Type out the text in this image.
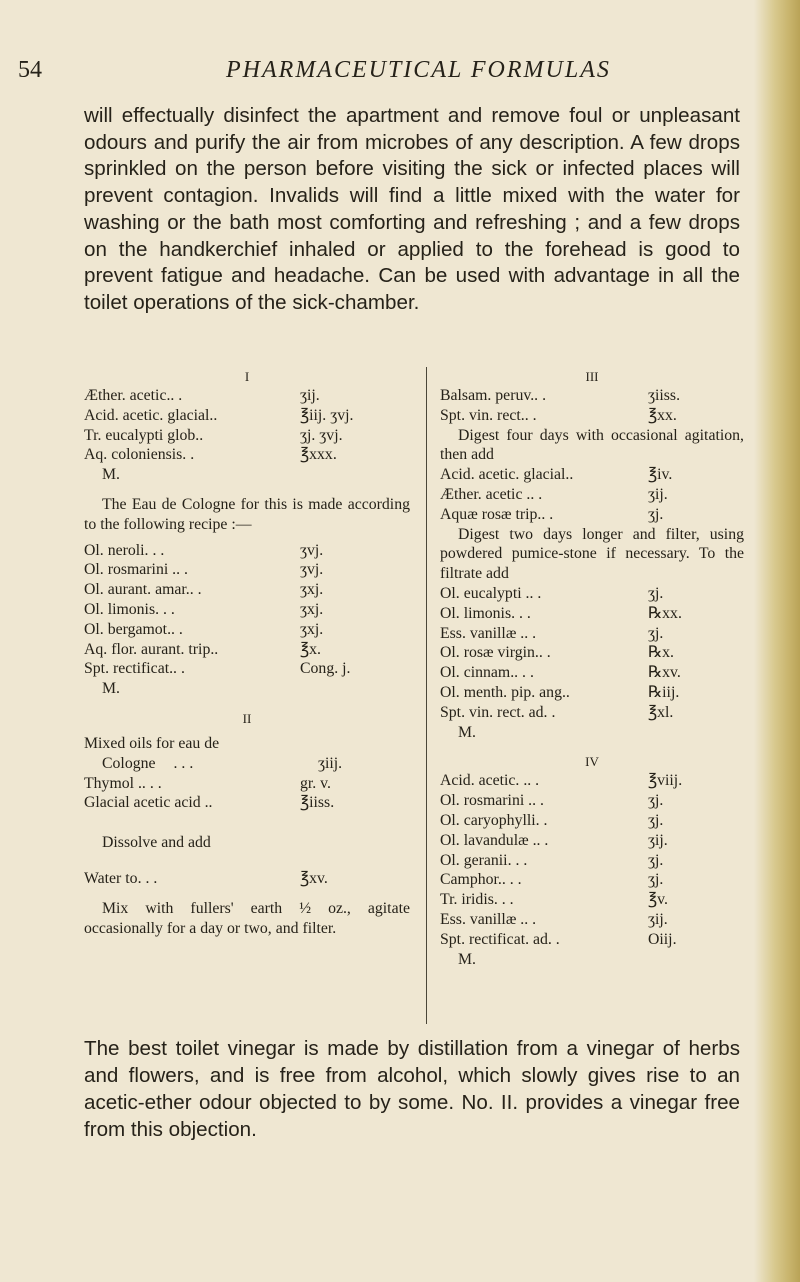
54	PHARMACEUTICAL FORMULAS

will effectually disinfect the apartment and remove foul or unpleasant odours and purify the air from microbes of any description. A few drops sprinkled on the person before visiting the sick or infected places will prevent contagion. Invalids will find a little mixed with the water for washing or the bath most comforting and refreshing ; and a few drops on the handkerchief inhaled or applied to the forehead is good to prevent fatigue and headache. Can be used with advantage in all the toilet operations of the sick-chamber.

I
Æther. acetic. . .	ʒij.
Acid. acetic. glacial. .	℥iij. ʒvj.
Tr. eucalypti glob. .	ʒj. ʒvj.
Aq. coloniensis . .	℥xxx.
M.

The Eau de Cologne for this is made according to the following recipe :—

Ol. neroli . . .	ʒvj.
Ol. rosmarini . . .	ʒvj.
Ol. aurant. amar. . .	ʒxj.
Ol. limonis . . .	ʒxj.
Ol. bergamot. . .	ʒxj.
Aq. flor. aurant. trip. .	℥x.
Spt. rectificat. . .	Cong. j.
M.
II
Mixed oils for eau de
Cologne	. . .	ʒiij.
Thymol . . . .	gr. v.
Glacial acetic acid . .	℥iiss.
Dissolve and add
Water to . . .	℥xv.

Mix with fullers' earth ½ oz., agitate occasionally for a day or two, and filter.

III
Balsam. peruv. . .	ʒiiss.
Spt. vin. rect. . .	℥xx.

Digest four days with occasional agitation, then add

Acid. acetic. glacial. .	℥iv.
Æther. acetic . . .	ʒij.
Aquæ rosæ trip. . .	ʒj.

Digest two days longer and filter, using powdered pumice-stone if necessary. To the filtrate add

Ol. eucalypti . . .	ʒj.
Ol. limonis . . .	℞xx.
Ess. vanillæ . . .	ʒj.
Ol. rosæ virgin. . .	℞x.
Ol. cinnam. . . .	℞xv.
Ol. menth. pip. ang. .	℞iij.
Spt. vin. rect. ad . .	℥xl.
M.
IV
Acid. acetic. . . .	℥viij.
Ol. rosmarini . . .	ʒj.
Ol. caryophylli . .	ʒj.
Ol. lavandulæ . . .	ʒij.
Ol. geranii . . .	ʒj.
Camphor. . . .	ʒj.
Tr. iridis . . .	℥v.
Ess. vanillæ . . .	ʒij.
Spt. rectificat. ad . .	Oiij.
M.

The best toilet vinegar is made by distillation from a vinegar of herbs and flowers, and is free from alcohol, which slowly gives rise to an acetic-ether odour objected to by some. No. II. provides a vinegar free from this objection.
